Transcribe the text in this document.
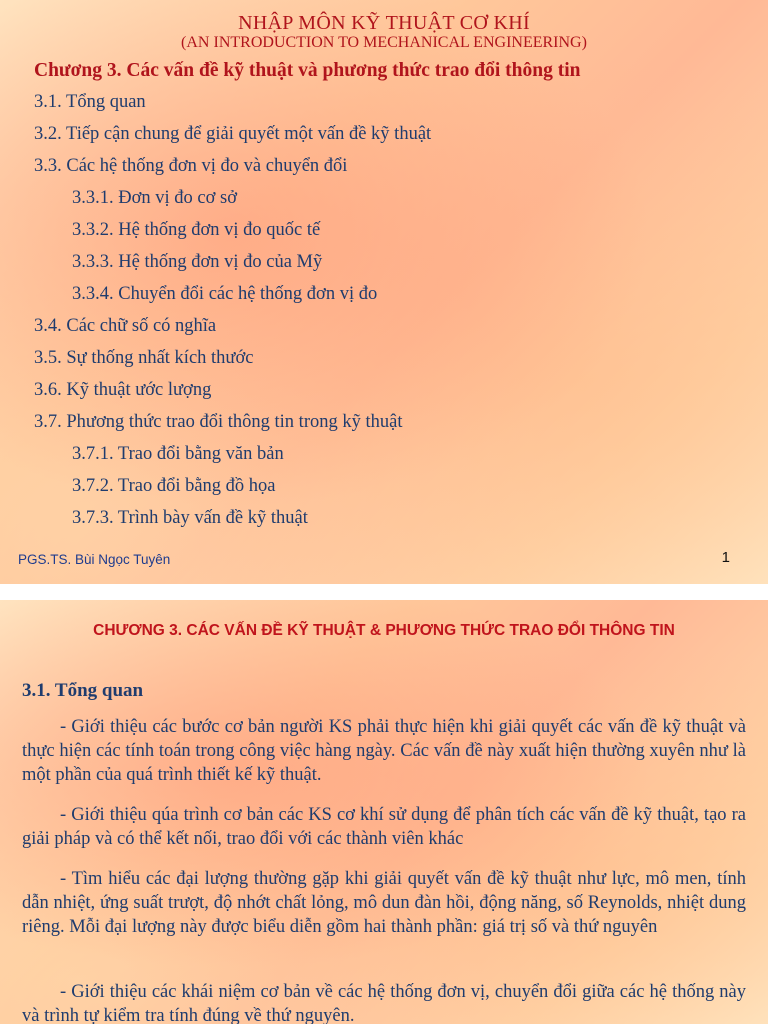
NHẬP MÔN KỸ THUẬT CƠ KHÍ
(AN INTRODUCTION TO MECHANICAL ENGINEERING)
Chương 3. Các vấn đề kỹ thuật và phương thức trao đổi thông tin
3.1. Tổng quan
3.2. Tiếp cận chung để giải quyết một vấn đề kỹ thuật
3.3. Các hệ thống đơn vị đo và chuyển đổi
3.3.1. Đơn vị đo cơ sở
3.3.2. Hệ thống đơn vị đo quốc tế
3.3.3. Hệ thống đơn vị đo của Mỹ
3.3.4. Chuyển đổi các hệ thống đơn vị đo
3.4. Các chữ số có nghĩa
3.5. Sự thống nhất kích thước
3.6. Kỹ thuật ước lượng
3.7. Phương thức trao đổi thông tin trong kỹ thuật
3.7.1. Trao đổi bằng văn bản
3.7.2. Trao đổi bằng đồ họa
3.7.3. Trình bày vấn đề kỹ thuật

PGS.TS. Bùi Ngọc Tuyên	1

CHƯƠNG 3. CÁC VẤN ĐỀ KỸ THUẬT & PHƯƠNG THỨC TRAO ĐỔI THÔNG TIN
3.1. Tổng quan

- Giới thiệu các bước cơ bản người KS phải thực hiện khi giải quyết các vấn đề kỹ thuật và thực hiện các tính toán trong công việc hàng ngày. Các vấn đề này xuất hiện thường xuyên như là một phần của quá trình thiết kế kỹ thuật.

- Giới thiệu qúa trình cơ bản các KS cơ khí sử dụng để phân tích các vấn đề kỹ thuật, tạo ra giải pháp và có thể kết nối, trao đổi với các thành viên khác

- Tìm hiểu các đại lượng thường gặp khi giải quyết vấn đề kỹ thuật như lực, mô men, tính dẫn nhiệt, ứng suất trượt, độ nhớt chất lỏng, mô dun đàn hồi, động năng, số Reynolds, nhiệt dung riêng. Mỗi đại lượng này được biểu diễn gồm hai thành phần: giá trị số và thứ nguyên

- Giới thiệu các khái niệm cơ bản về các hệ thống đơn vị, chuyển đổi giữa các hệ thống này và trình tự kiểm tra tính đúng về thứ nguyên.
